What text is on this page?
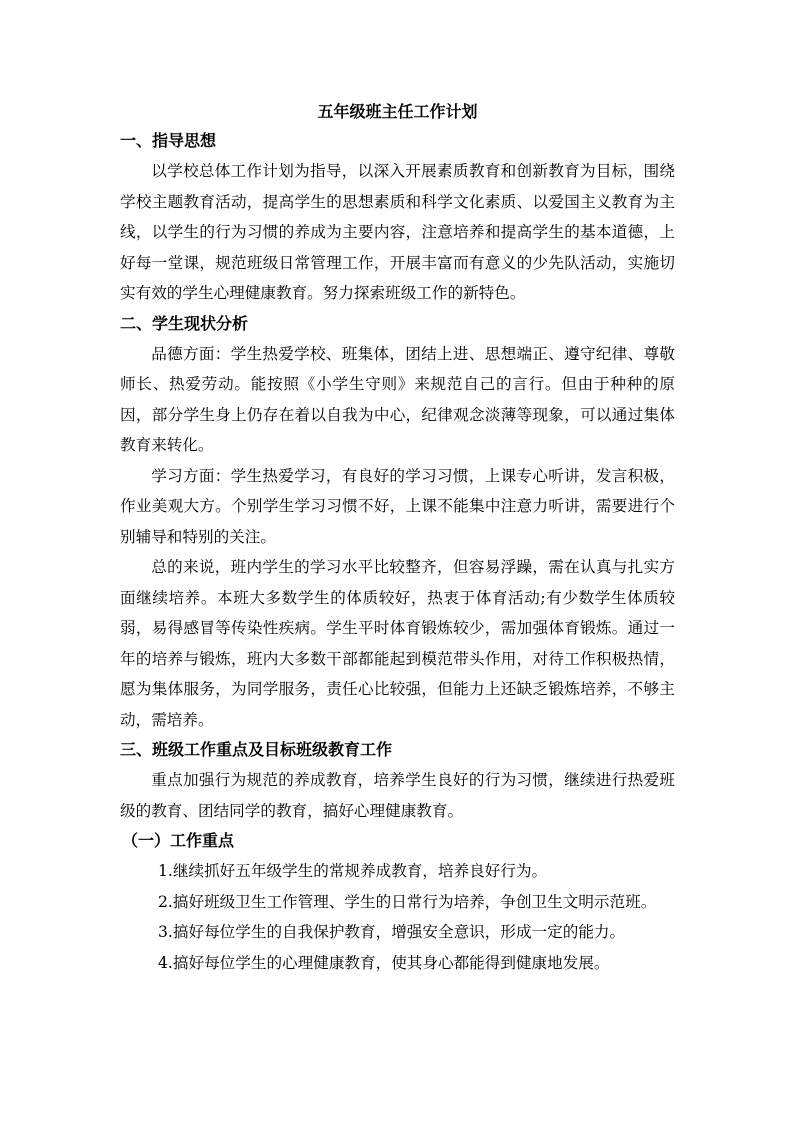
五年级班主任工作计划
一、指导思想

以学校总体工作计划为指导，以深入开展素质教育和创新教育为目标，围绕学校主题教育活动，提高学生的思想素质和科学文化素质、以爱国主义教育为主线，以学生的行为习惯的养成为主要内容，注意培养和提高学生的基本道德，上好每一堂课，规范班级日常管理工作，开展丰富而有意义的少先队活动，实施切实有效的学生心理健康教育。努力探索班级工作的新特色。

二、学生现状分析

品德方面：学生热爱学校、班集体，团结上进、思想端正、遵守纪律、尊敬师长、热爱劳动。能按照《小学生守则》来规范自己的言行。但由于种种的原因，部分学生身上仍存在着以自我为中心，纪律观念淡薄等现象，可以通过集体教育来转化。

学习方面：学生热爱学习，有良好的学习习惯，上课专心听讲，发言积极，作业美观大方。个别学生学习习惯不好，上课不能集中注意力听讲，需要进行个别辅导和特别的关注。

总的来说，班内学生的学习水平比较整齐，但容易浮躁，需在认真与扎实方面继续培养。本班大多数学生的体质较好，热衷于体育活动;有少数学生体质较弱，易得感冒等传染性疾病。学生平时体育锻炼较少，需加强体育锻炼。通过一年的培养与锻炼，班内大多数干部都能起到模范带头作用，对待工作积极热情，愿为集体服务，为同学服务，责任心比较强，但能力上还缺乏锻炼培养，不够主动，需培养。

三、班级工作重点及目标班级教育工作

重点加强行为规范的养成教育，培养学生良好的行为习惯，继续进行热爱班级的教育、团结同学的教育，搞好心理健康教育。

（一）工作重点
1.继续抓好五年级学生的常规养成教育，培养良好行为。
2.搞好班级卫生工作管理、学生的日常行为培养，争创卫生文明示范班。
3.搞好每位学生的自我保护教育，增强安全意识，形成一定的能力。
4.搞好每位学生的心理健康教育，使其身心都能得到健康地发展。
